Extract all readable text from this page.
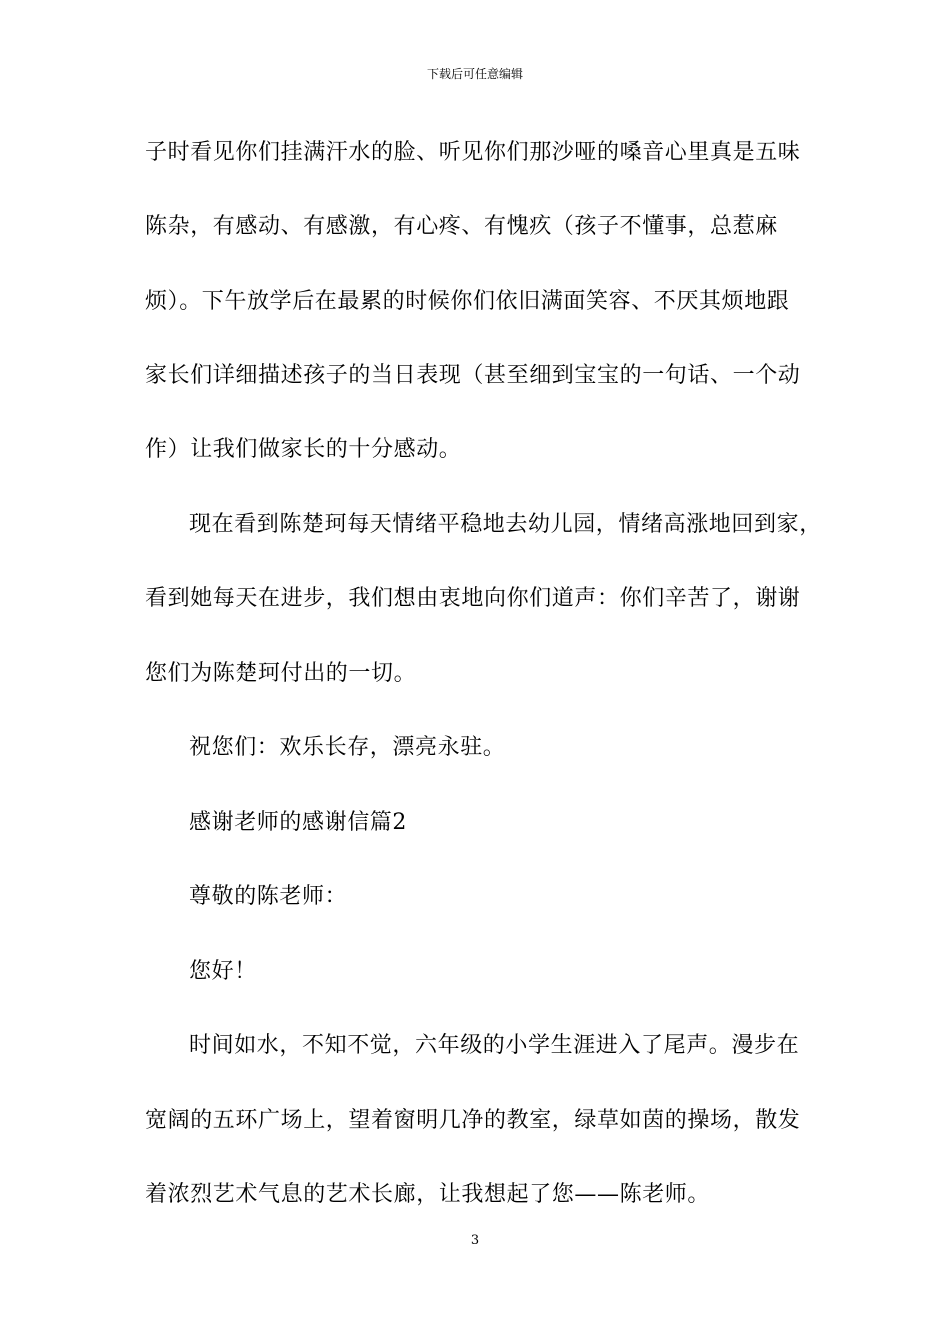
下载后可任意编辑
子时看见你们挂满汗水的脸、听见你们那沙哑的嗓音心里真是五味
陈杂，有感动、有感激，有心疼、有愧疚（孩子不懂事，总惹麻
烦）。下午放学后在最累的时候你们依旧满面笑容、不厌其烦地跟
家长们详细描述孩子的当日表现（甚至细到宝宝的一句话、一个动
作）让我们做家长的十分感动。
现在看到陈楚珂每天情绪平稳地去幼儿园，情绪高涨地回到家，
看到她每天在进步，我们想由衷地向你们道声：你们辛苦了，谢谢
您们为陈楚珂付出的一切。
祝您们：欢乐长存，漂亮永驻。
感谢老师的感谢信篇2
尊敬的陈老师：
您好！
时间如水，不知不觉，六年级的小学生涯进入了尾声。漫步在
宽阔的五环广场上，望着窗明几净的教室，绿草如茵的操场，散发
着浓烈艺术气息的艺术长廊，让我想起了您——陈老师。
3
